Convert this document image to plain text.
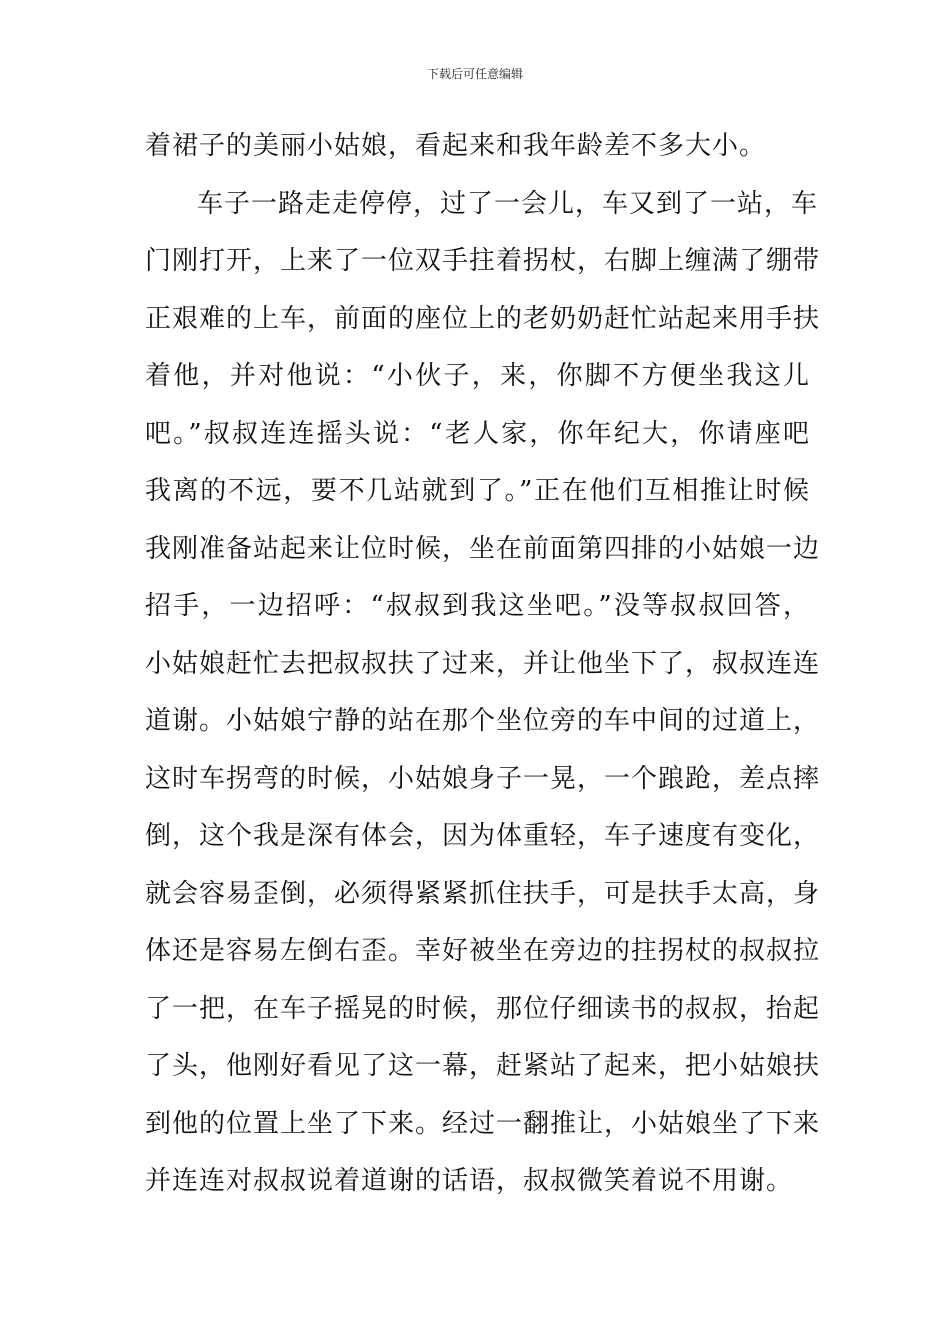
下载后可任意编辑
着裙子的美丽小姑娘，看起来和我年龄差不多大小。
车子一路走走停停，过了一会儿，车又到了一站，车
门刚打开，上来了一位双手拄着拐杖，右脚上缠满了绷带
正艰难的上车，前面的座位上的老奶奶赶忙站起来用手扶
着他，并对他说：“小伙子，来，你脚不方便坐我这儿
吧。”叔叔连连摇头说：“老人家，你年纪大，你请座吧
我离的不远，要不几站就到了。”正在他们互相推让时候
我刚准备站起来让位时候，坐在前面第四排的小姑娘一边
招手，一边招呼：“叔叔到我这坐吧。”没等叔叔回答，
小姑娘赶忙去把叔叔扶了过来，并让他坐下了，叔叔连连
道谢。小姑娘宁静的站在那个坐位旁的车中间的过道上，
这时车拐弯的时候，小姑娘身子一晃，一个踉跄，差点摔
倒，这个我是深有体会，因为体重轻，车子速度有变化，
就会容易歪倒，必须得紧紧抓住扶手，可是扶手太高，身
体还是容易左倒右歪。幸好被坐在旁边的拄拐杖的叔叔拉
了一把，在车子摇晃的时候，那位仔细读书的叔叔，抬起
了头，他刚好看见了这一幕，赶紧站了起来，把小姑娘扶
到他的位置上坐了下来。经过一翻推让，小姑娘坐了下来
并连连对叔叔说着道谢的话语，叔叔微笑着说不用谢。
